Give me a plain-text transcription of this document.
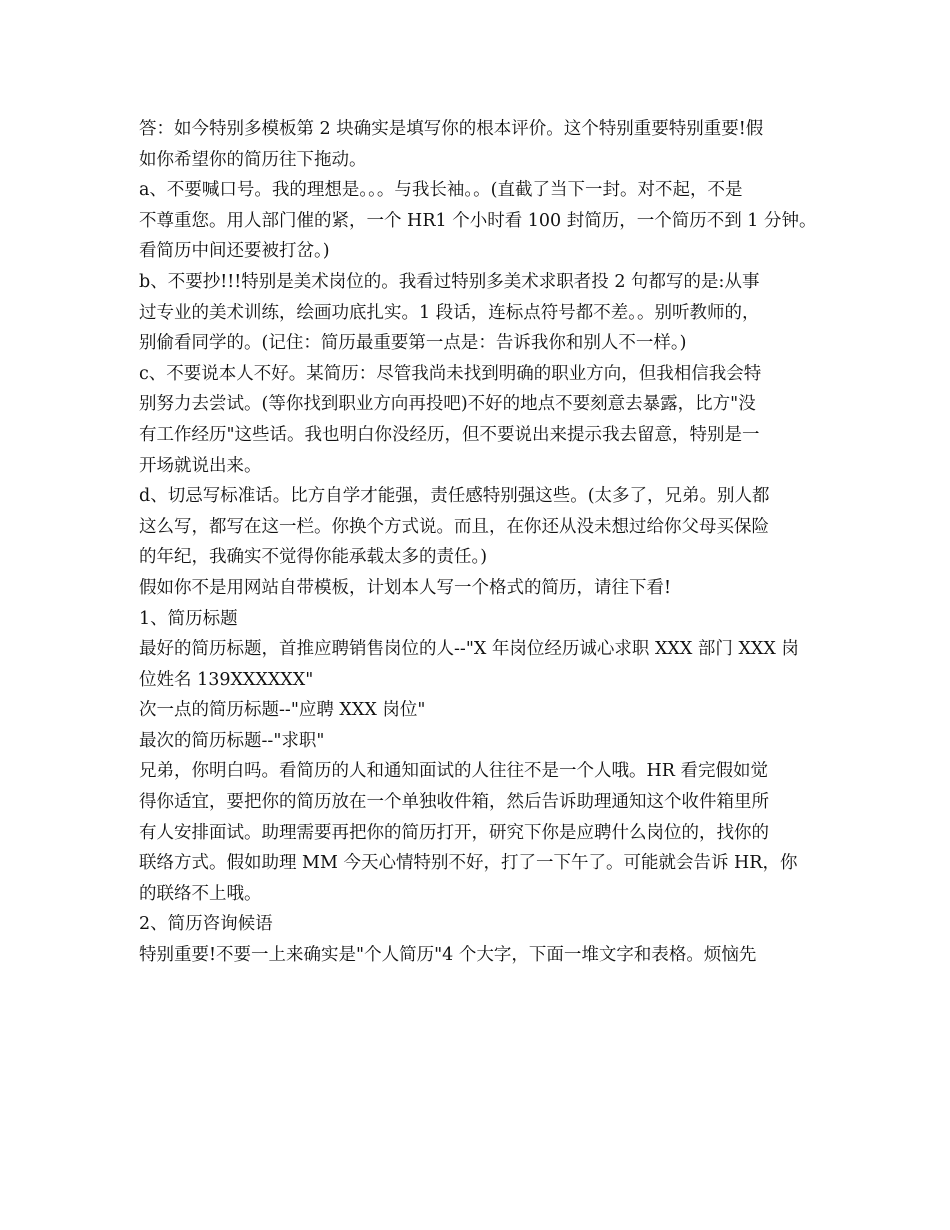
答：如今特别多模板第 2 块确实是填写你的根本评价。这个特别重要特别重要!假
如你希望你的简历往下拖动。
a、不要喊口号。我的理想是。。。与我长袖。。(直截了当下一封。对不起，不是
不尊重您。用人部门催的紧，一个 HR1 个小时看 100 封简历，一个简历不到 1 分钟。
看简历中间还要被打岔。)
b、不要抄!!!特别是美术岗位的。我看过特别多美术求职者投 2 句都写的是:从事
过专业的美术训练，绘画功底扎实。1 段话，连标点符号都不差。。别听教师的，
别偷看同学的。(记住：简历最重要第一点是：告诉我你和别人不一样。)
c、不要说本人不好。某简历：尽管我尚未找到明确的职业方向，但我相信我会特
别努力去尝试。(等你找到职业方向再投吧)不好的地点不要刻意去暴露，比方"没
有工作经历"这些话。我也明白你没经历，但不要说出来提示我去留意，特别是一
开场就说出来。
d、切忌写标准话。比方自学才能强，责任感特别强这些。(太多了，兄弟。别人都
这么写，都写在这一栏。你换个方式说。而且，在你还从没未想过给你父母买保险
的年纪，我确实不觉得你能承载太多的责任。)
假如你不是用网站自带模板，计划本人写一个格式的简历，请往下看!
1、简历标题
最好的简历标题，首推应聘销售岗位的人--"X 年岗位经历诚心求职 XXX 部门 XXX 岗
位姓名 139XXXXXX"
次一点的简历标题--"应聘 XXX 岗位"
最次的简历标题--"求职"
兄弟，你明白吗。看简历的人和通知面试的人往往不是一个人哦。HR 看完假如觉
得你适宜，要把你的简历放在一个单独收件箱，然后告诉助理通知这个收件箱里所
有人安排面试。助理需要再把你的简历打开，研究下你是应聘什么岗位的，找你的
联络方式。假如助理 MM 今天心情特别不好，打了一下午了。可能就会告诉 HR，你
的联络不上哦。
2、简历咨询候语
特别重要!不要一上来确实是"个人简历"4 个大字，下面一堆文字和表格。烦恼先
